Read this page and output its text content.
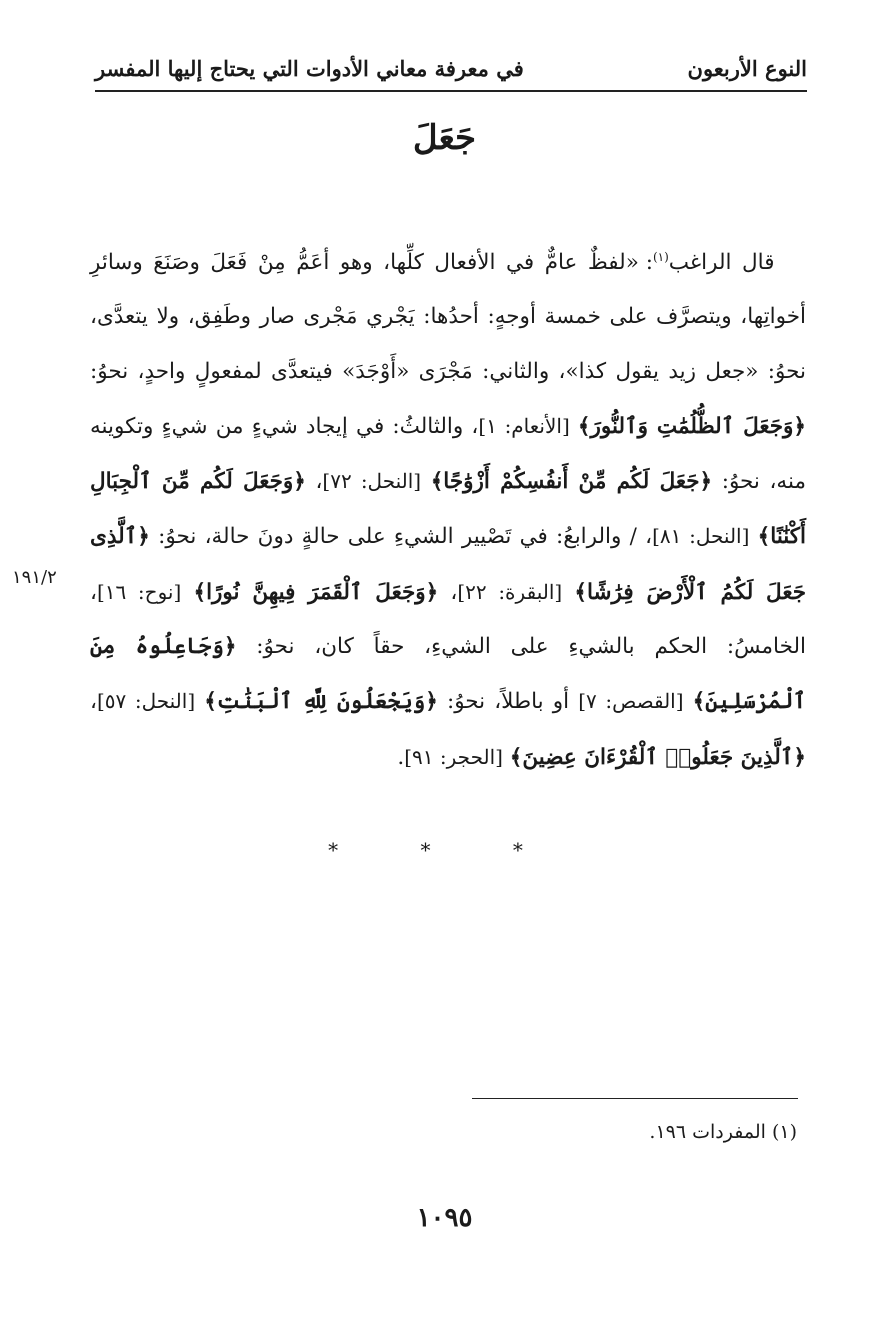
النوع الأربعون
في معرفة معاني الأدوات التي يحتاج إليها المفسر
جَعَلَ

قال الراغب$^{(١)}$: «لفظٌ عامٌّ في الأفعال كلِّها، وهو أعَمُّ مِنْ فَعَلَ وصَنَعَ وسائرِ أخواتِها، ويتصرَّف على خمسة أوجهٍ: أحدُها: يَجْري مَجْرى صار وطَفِق، ولا يتعدَّى، نحوُ: «جعل زيد يقول كذا»، والثاني: مَجْرَى «أَوْجَدَ» فيتعدَّى لمفعولٍ واحدٍ، نحوُ: ﴿وَجَعَلَ ٱلظُّلُمَٰتِ وَٱلنُّورَ﴾ [الأنعام: ١]، والثالثُ: في إيجاد شيءٍ من شيءٍ وتكوينه منه، نحوُ: ﴿جَعَلَ لَكُم مِّنْ أَنفُسِكُمْ أَزْوَٰجًا﴾ [النحل: ٧٢]، ﴿وَجَعَلَ لَكُم مِّنَ ٱلْجِبَالِ أَكْنَٰنًا﴾ [النحل: ٨١]، / والرابعُ: في تَصْيير الشيءِ على حالةٍ دونَ حالة، نحوُ: ﴿ٱلَّذِى جَعَلَ لَكُمُ ٱلْأَرْضَ فِرَٰشًا﴾ [البقرة: ٢٢]، ﴿وَجَعَلَ ٱلْقَمَرَ فِيهِنَّ نُورًا﴾ [نوح: ١٦]، الخامسُ: الحكم بالشيءِ على الشيءِ، حقاً كان، نحوُ: ﴿وَجَاعِلُوهُ مِنَ ٱلْمُرْسَلِينَ﴾ [القصص: ٧] أو باطلاً، نحوُ: ﴿وَيَجْعَلُونَ لِلَّهِ ٱلْبَنَٰتِ﴾ [النحل: ٥٧]، ﴿ٱلَّذِينَ جَعَلُوا۟ ٱلْقُرْءَانَ عِضِينَ﴾ [الحجر: ٩١].

١٩١/٢
* * *
(١) المفردات ١٩٦.
١٠٩٥
